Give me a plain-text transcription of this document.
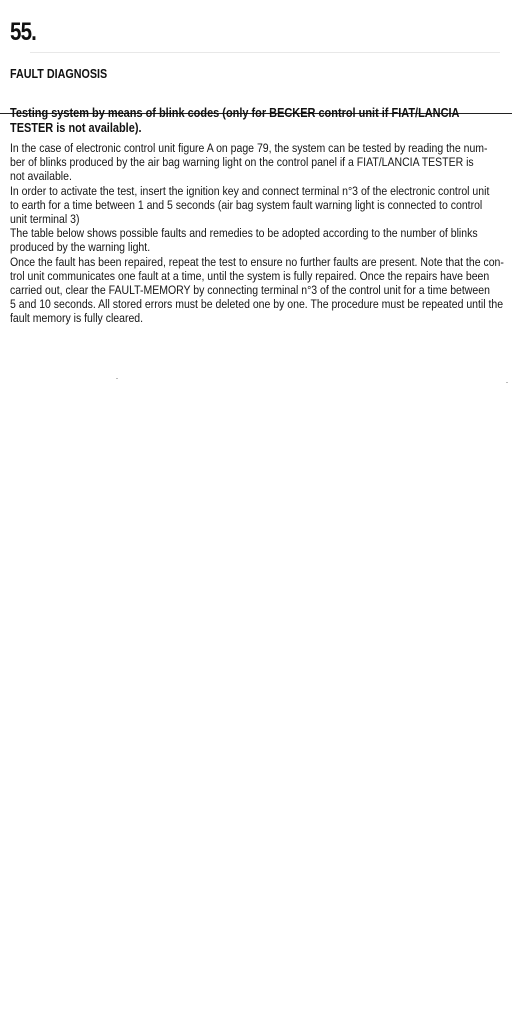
55.
FAULT DIAGNOSIS
Testing system by means of blink codes (only for BECKER control unit if FIAT/LANCIA
TESTER is not available).
In the case of electronic control unit figure A on page 79, the system can be tested by reading the num-
ber of blinks produced by the air bag warning light on the control panel if a FIAT/LANCIA TESTER is
not available.
In order to activate the test, insert the ignition key and connect terminal n°3 of the electronic control unit
to earth for a time between 1 and 5 seconds (air bag system fault warning light is connected to control
unit terminal 3)
The table below shows possible faults and remedies to be adopted according to the number of blinks
produced by the warning light.
Once the fault has been repaired, repeat the test to ensure no further faults are present. Note that the con-
trol unit communicates one fault at a time, until the system is fully repaired. Once the repairs have been
carried out, clear the FAULT-MEMORY by connecting terminal n°3 of the control unit for a time between
5 and 10 seconds. All stored errors must be deleted one by one. The procedure must be repeated until the
fault memory is fully cleared.
